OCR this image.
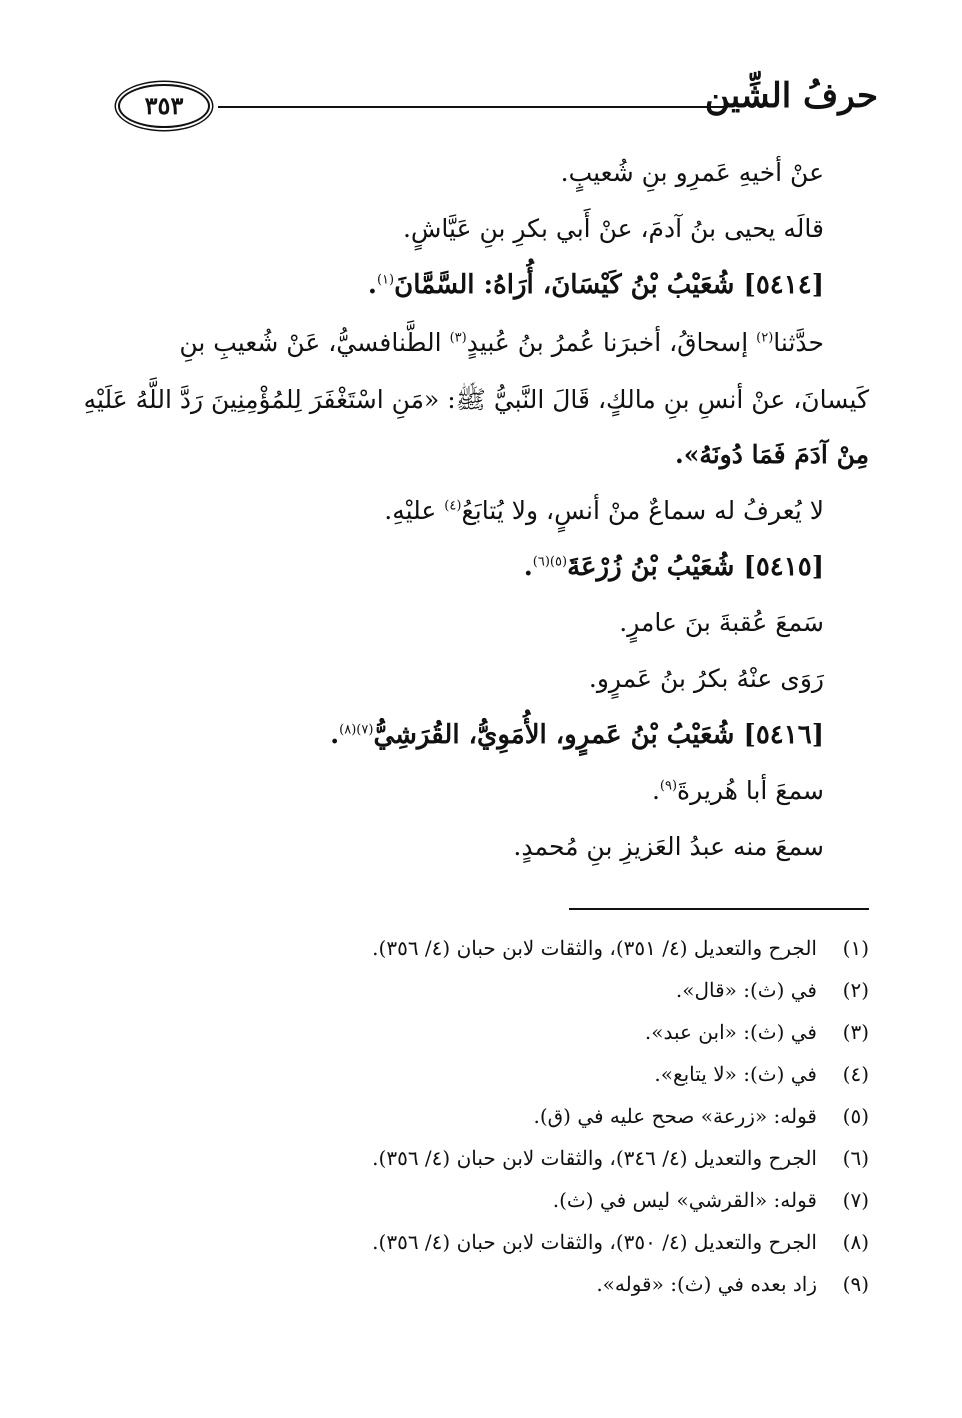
حرفُ الشِّين
٣٥٣
عنْ أخيهِ عَمرِو بنِ شُعيبٍ.
قالَه يحيى بنُ آدمَ، عنْ أَبي بكرِ بنِ عَيَّاشٍ.
[٥٤١٤] شُعَيْبُ بْنُ كَيْسَانَ، أُرَاهُ: السَّمَّانَ$^{(١)}$.
حدَّثنا$^{(٢)}$ إسحاقُ، أخبرَنا عُمرُ بنُ عُبيدٍ$^{(٣)}$ الطَّنافسيُّ، عَنْ شُعيبِ بنِ
كَيسانَ، عنْ أنسِ بنِ مالكٍ، قَالَ النَّبيُّ ﷺ: «مَنِ اسْتَغْفَرَ لِلمُؤْمِنِينَ رَدَّ اللَّهُ عَلَيْهِ
مِنْ آدَمَ فَمَا دُونَهُ».
لا يُعرفُ له سماعٌ منْ أنسٍ، ولا يُتابَعُ$^{(٤)}$ عليْهِ.
[٥٤١٥] شُعَيْبُ بْنُ زُرْعَةَ$^{(٥)(٦)}$.
سَمعَ عُقبةَ بنَ عامرٍ.
رَوَى عنْهُ بكرُ بنُ عَمرٍو.
[٥٤١٦] شُعَيْبُ بْنُ عَمرٍو، الأُمَوِيُّ، القُرَشِيُّ$^{(٧)(٨)}$.
سمعَ أبا هُريرةَ$^{(٩)}$.
سمعَ منه عبدُ العَزيزِ بنِ مُحمدٍ.
(١)الجرح والتعديل (٤/ ٣٥١)، والثقات لابن حبان (٤/ ٣٥٦).
(٢)في (ث): «قال».
(٣)في (ث): «ابن عبد».
(٤)في (ث): «لا يتابع».
(٥)قوله: «زرعة» صحح عليه في (ق).
(٦)الجرح والتعديل (٤/ ٣٤٦)، والثقات لابن حبان (٤/ ٣٥٦).
(٧)قوله: «القرشي» ليس في (ث).
(٨)الجرح والتعديل (٤/ ٣٥٠)، والثقات لابن حبان (٤/ ٣٥٦).
(٩)زاد بعده في (ث): «قوله».
